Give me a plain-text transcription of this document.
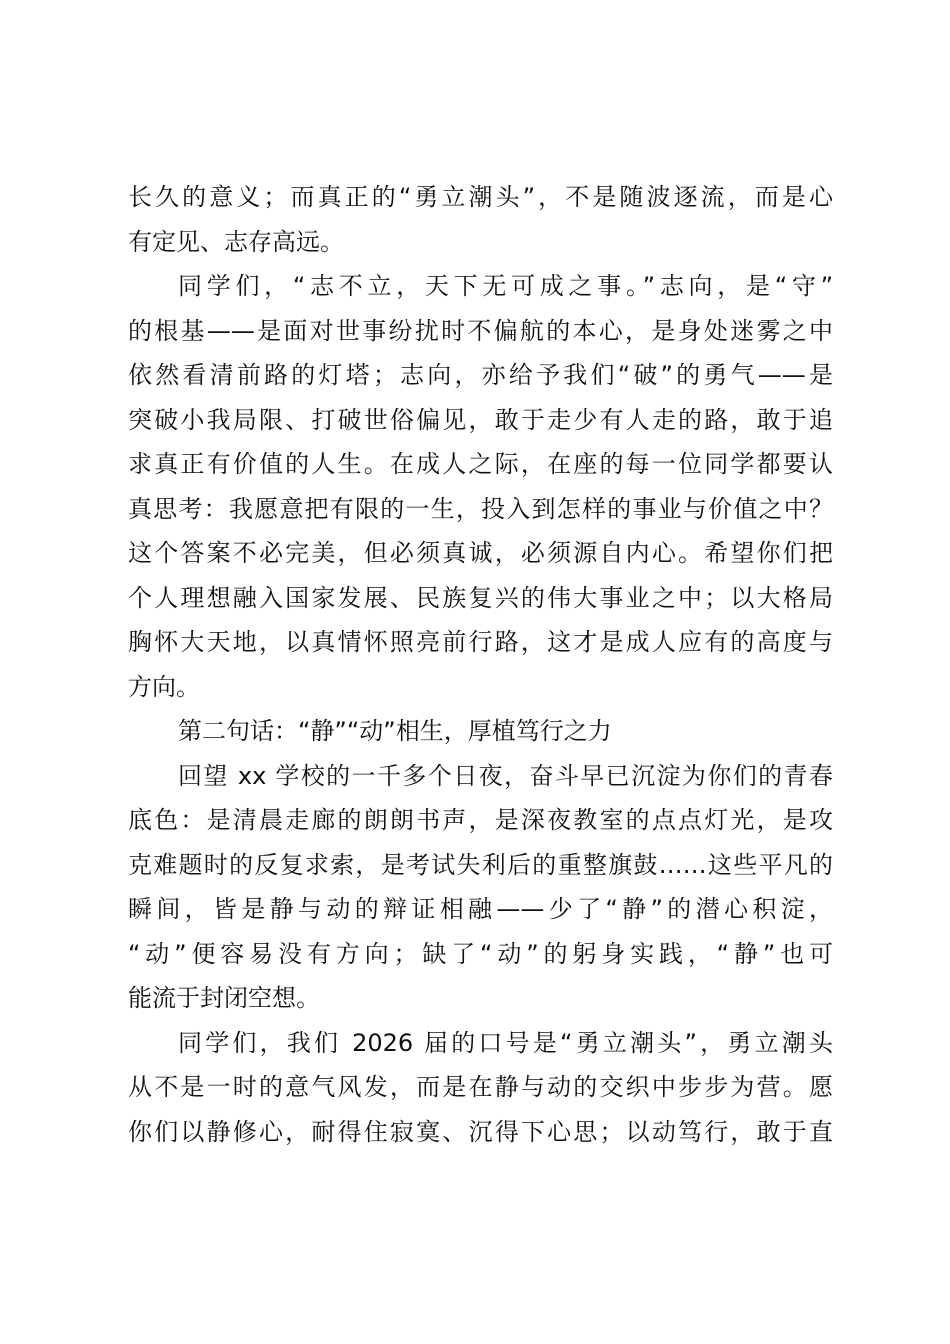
长久的意义；而真正的“勇立潮头”，不是随波逐流，而是心
有定见、志存高远。
同学们，“志不立，天下无可成之事。”志向，是“守”
的根基——是面对世事纷扰时不偏航的本心，是身处迷雾之中
依然看清前路的灯塔；志向，亦给予我们“破”的勇气——是
突破小我局限、打破世俗偏见，敢于走少有人走的路，敢于追
求真正有价值的人生。在成人之际，在座的每一位同学都要认
真思考：我愿意把有限的一生，投入到怎样的事业与价值之中？
这个答案不必完美，但必须真诚，必须源自内心。希望你们把
个人理想融入国家发展、民族复兴的伟大事业之中；以大格局
胸怀大天地，以真情怀照亮前行路，这才是成人应有的高度与
方向。
第二句话：“静”“动”相生，厚植笃行之力
回望 xx 学校的一千多个日夜，奋斗早已沉淀为你们的青春
底色：是清晨走廊的朗朗书声，是深夜教室的点点灯光，是攻
克难题时的反复求索，是考试失利后的重整旗鼓……这些平凡的
瞬间，皆是静与动的辩证相融——少了“静”的潜心积淀，
“动”便容易没有方向；缺了“动”的躬身实践，“静”也可
能流于封闭空想。
同学们，我们 2026 届的口号是“勇立潮头”，勇立潮头
从不是一时的意气风发，而是在静与动的交织中步步为营。愿
你们以静修心，耐得住寂寞、沉得下心思；以动笃行，敢于直
